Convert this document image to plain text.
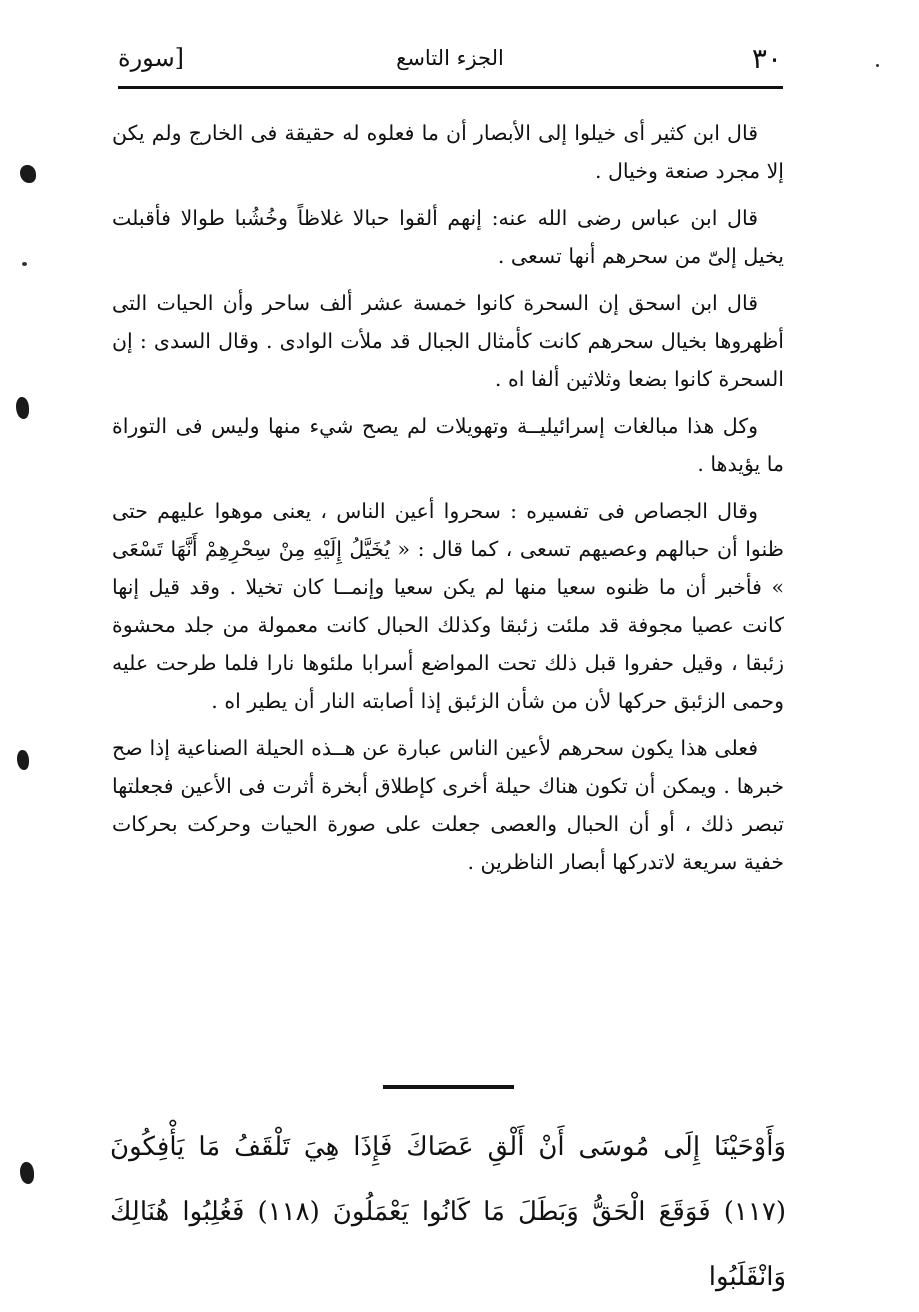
٣٠
الجزء التاسع
[سورة

قال ابن كثير أى خيلوا إلى الأبصار أن ما فعلوه له حقيقة فى الخارج ولم يكن إلا مجرد صنعة وخيال .

قال ابن عباس رضى الله عنه: إنهم ألقوا حبالا غلاظاً وخُشُبا طوالا فأقبلت يخيل إلىّ من سحرهم أنها تسعى .

قال ابن اسحق إن السحرة كانوا خمسة عشر ألف ساحر وأن الحيات التى أظهروها بخيال سحرهم كانت كأمثال الجبال قد ملأت الوادى . وقال السدى : إن السحرة كانوا بضعا وثلاثين ألفا اه .

وكل هذا مبالغات إسرائيليــة وتهويلات لم يصح شيء منها وليس فى التوراة ما يؤيدها .

وقال الجصاص فى تفسيره : سحروا أعين الناس ، يعنى موهوا عليهم حتى ظنوا أن حبالهم وعصيهم تسعى ، كما قال : « يُخَيَّلُ إِلَيْهِ مِنْ سِحْرِهِمْ أَنَّهَا تَسْعَى » فأخبر أن ما ظنوه سعيا منها لم يكن سعيا وإنمــا كان تخيلا . وقد قيل إنها كانت عصيا مجوفة قد ملئت زئبقا وكذلك الحبال كانت معمولة من جلد محشوة زئبقا ، وقيل حفروا قبل ذلك تحت المواضع أسرابا ملئوها نارا فلما طرحت عليه وحمى الزئبق حركها لأن من شأن الزئبق إذا أصابته النار أن يطير اه .

فعلى هذا يكون سحرهم لأعين الناس عبارة عن هــذه الحيلة الصناعية إذا صح خبرها . ويمكن أن تكون هناك حيلة أخرى كإطلاق أبخرة أثرت فى الأعين فجعلتها تبصر ذلك ، أو أن الحبال والعصى جعلت على صورة الحيات وحركت بحركات خفية سريعة لاتدركها أبصار الناظرين .

وَأَوْحَيْنَا إِلَى مُوسَى أَنْ أَلْقِ عَصَاكَ فَإِذَا هِيَ تَلْقَفُ مَا يَأْفِكُونَ (١١٧) فَوَقَعَ الْحَقُّ وَبَطَلَ مَا كَانُوا يَعْمَلُونَ (١١٨) فَغُلِبُوا هُنَالِكَ وَانْقَلَبُوا
